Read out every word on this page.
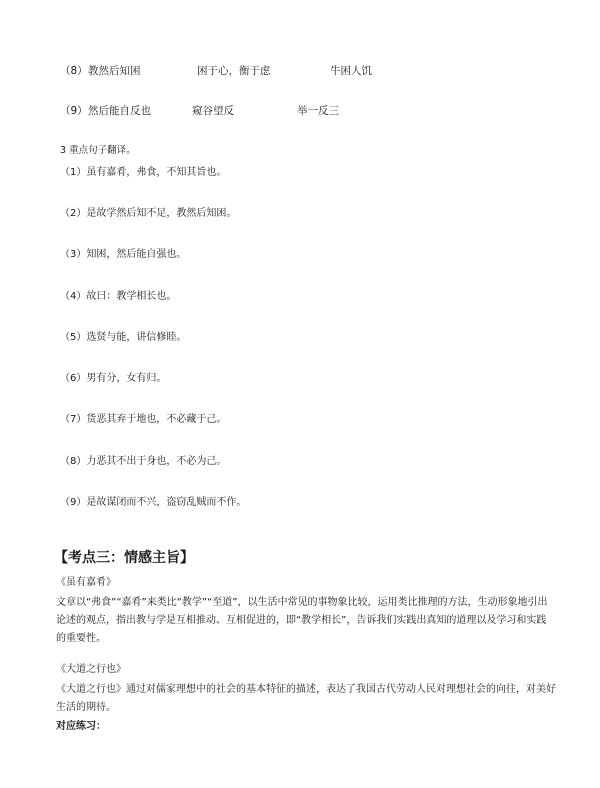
（8） 教然后知困	困于心，衡于虑	牛困人饥
（9） 然后能自反也	窥谷望反	举一反三
3 重点句子翻译。
（1）虽有嘉肴，弗食，不知其旨也。
（2）是故学然后知不足，教然后知困。
（3）知困，然后能自强也。
（4）故曰：教学相长也。
（5）选贤与能，讲信修睦。
（6）男有分，女有归。
（7）货恶其弃于地也，不必藏于己。
（8）力恶其不出于身也，不必为己。
（9）是故谋闭而不兴，盗窃乱贼而不作。
【考点三：情感主旨】
《虽有嘉肴》
文章以“弗食”“嘉肴”来类比“教学”“至道”，以生活中常见的事物象比较，运用类比推理的方法，生动形象地引出论述的观点，指出教与学是互相推动、互相促进的，即“教学相长”，告诉我们实践出真知的道理以及学习和实践的重要性。
《大道之行也》
《大道之行也》通过对儒家理想中的社会的基本特征的描述，表达了我国古代劳动人民对理想社会的向往，对美好生活的期待。
对应练习：
